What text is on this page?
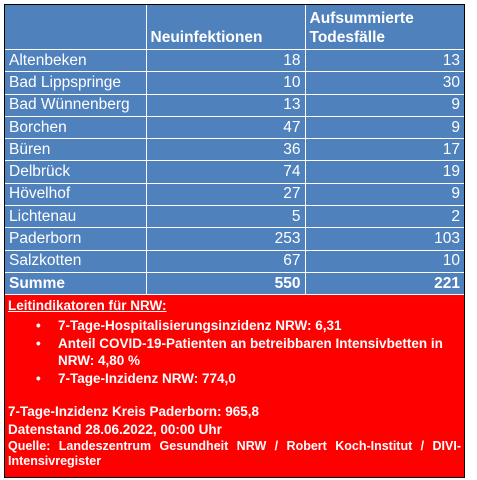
	Neuinfektionen	Aufsummierte Todesfälle
Altenbeken	18	13
Bad Lippspringe	10	30
Bad Wünnenberg	13	9
Borchen	47	9
Büren	36	17
Delbrück	74	19
Hövelhof	27	9
Lichtenau	5	2
Paderborn	253	103
Salzkotten	67	10
Summe	550	221
Leitindikatoren für NRW:
• 7-Tage-Hospitalisierungsinzidenz NRW: 6,31
• Anteil COVID-19-Patienten an betreibbaren Intensivbetten in NRW: 4,80 %
• 7-Tage-Inzidenz NRW: 774,0
7-Tage-Inzidenz Kreis Paderborn: 965,8
Datenstand 28.06.2022, 00:00 Uhr
Quelle: Landeszentrum Gesundheit NRW / Robert Koch-Institut / DIVI-Intensivregister
